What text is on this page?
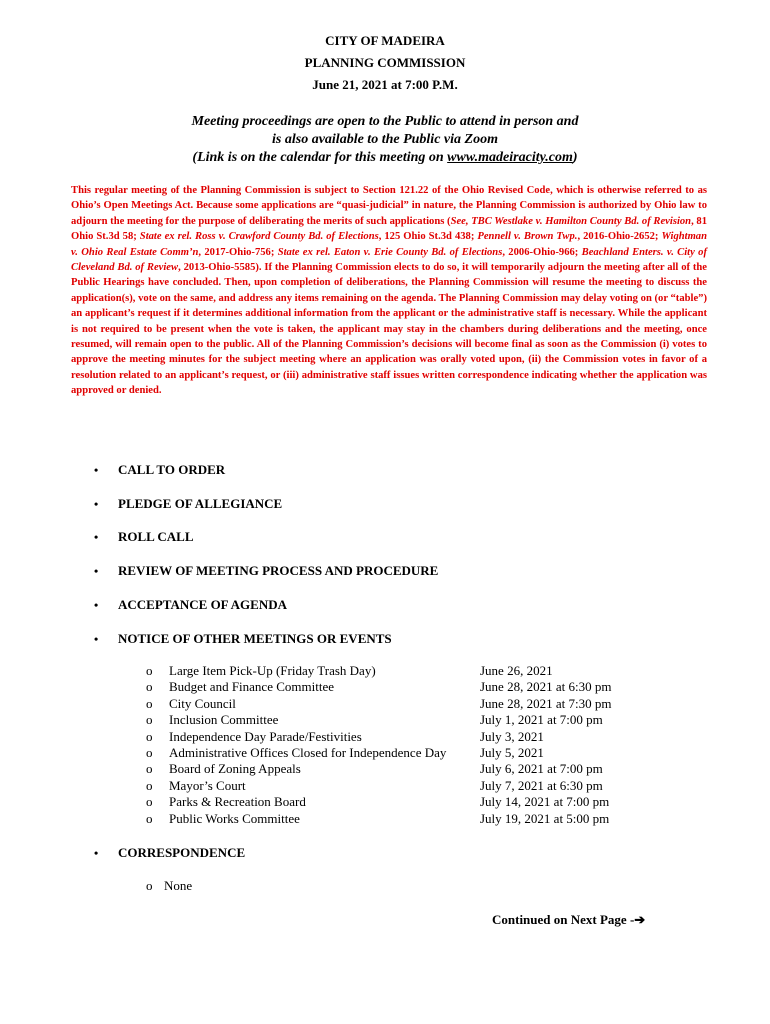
CITY OF MADEIRA
PLANNING COMMISSION
June 21, 2021 at 7:00 P.M.
Meeting proceedings are open to the Public to attend in person and
is also available to the Public via Zoom
(Link is on the calendar for this meeting on www.madeiracity.com)
This regular meeting of the Planning Commission is subject to Section 121.22 of the Ohio Revised Code, which is otherwise referred to as Ohio’s Open Meetings Act. Because some applications are “quasi-judicial” in nature, the Planning Commission is authorized by Ohio law to adjourn the meeting for the purpose of deliberating the merits of such applications (See, TBC Westlake v. Hamilton County Bd. of Revision, 81 Ohio St.3d 58; State ex rel. Ross v. Crawford County Bd. of Elections, 125 Ohio St.3d 438; Pennell v. Brown Twp., 2016-Ohio-2652; Wightman v. Ohio Real Estate Comm’n, 2017-Ohio-756; State ex rel. Eaton v. Erie County Bd. of Elections, 2006-Ohio-966; Beachland Enters. v. City of Cleveland Bd. of Review, 2013-Ohio-5585). If the Planning Commission elects to do so, it will temporarily adjourn the meeting after all of the Public Hearings have concluded. Then, upon completion of deliberations, the Planning Commission will resume the meeting to discuss the application(s), vote on the same, and address any items remaining on the agenda. The Planning Commission may delay voting on (or “table”) an applicant’s request if it determines additional information from the applicant or the administrative staff is necessary. While the applicant is not required to be present when the vote is taken, the applicant may stay in the chambers during deliberations and the meeting, once resumed, will remain open to the public. All of the Planning Commission’s decisions will become final as soon as the Commission (i) votes to approve the meeting minutes for the subject meeting where an application was orally voted upon, (ii) the Commission votes in favor of a resolution related to an applicant’s request, or (iii) administrative staff issues written correspondence indicating whether the application was approved or denied.
• CALL TO ORDER
• PLEDGE OF ALLEGIANCE
• ROLL CALL
• REVIEW OF MEETING PROCESS AND PROCEDURE
• ACCEPTANCE OF AGENDA
• NOTICE OF OTHER MEETINGS OR EVENTS
• CORRESPONDENCE
o Large Item Pick-Up (Friday Trash Day)	June 26, 2021
o Budget and Finance Committee	June 28, 2021 at 6:30 pm
o City Council	June 28, 2021 at 7:30 pm
o Inclusion Committee	July 1, 2021 at 7:00 pm
o Independence Day Parade/Festivities	July 3, 2021
o Administrative Offices Closed for Independence Day	July 5, 2021
o Board of Zoning Appeals	July 6, 2021 at 7:00 pm
o Mayor’s Court	July 7, 2021 at 6:30 pm
o Parks & Recreation Board	July 14, 2021 at 7:00 pm
o Public Works Committee	July 19, 2021 at 5:00 pm
o None
Continued on Next Page -➔
